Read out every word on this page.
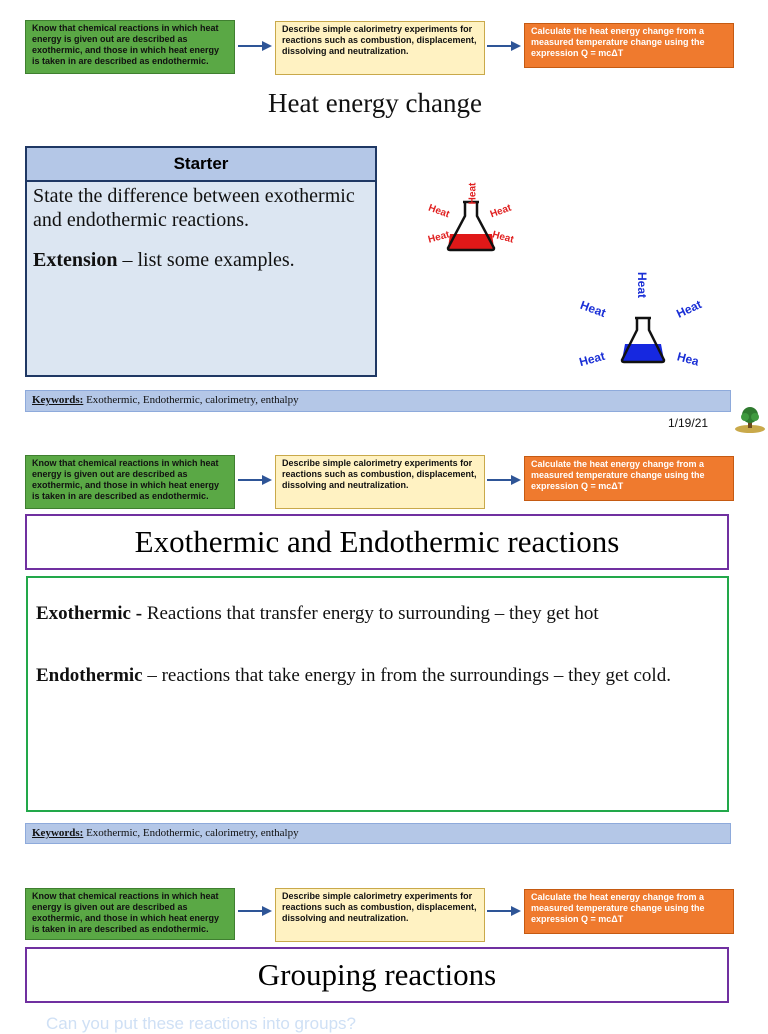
Know that chemical reactions in which heat energy is given out are described as exothermic, and those in which heat energy is taken in are described as endothermic.
Describe simple calorimetry experiments for reactions such as combustion, displacement, dissolving and neutralization.
Calculate the heat energy change from a measured temperature change using the expression Q = mcΔT
Heat energy change
Starter
State the difference between exothermic and endothermic reactions.
Extension – list some examples.
Heat
Heat	Heat
Heat	Heat
Heat
Heat	Heat
Heat	Hea
Keywords: Exothermic, Endothermic, calorimetry, enthalpy
1/19/21
Know that chemical reactions in which heat energy is given out are described as exothermic, and those in which heat energy is taken in are described as endothermic.
Describe simple calorimetry experiments for reactions such as combustion, displacement, dissolving and neutralization.
Calculate the heat energy change from a measured temperature change using the expression Q = mcΔT
Exothermic and Endothermic reactions
Exothermic - Reactions that transfer energy to surrounding – they get hot
Endothermic – reactions that take energy in from the surroundings – they get cold.
Keywords: Exothermic, Endothermic, calorimetry, enthalpy
Know that chemical reactions in which heat energy is given out are described as exothermic, and those in which heat energy is taken in are described as endothermic.
Describe simple calorimetry experiments for reactions such as combustion, displacement, dissolving and neutralization.
Calculate the heat energy change from a measured temperature change using the expression Q = mcΔT
Grouping reactions
Can you put these reactions into groups?
